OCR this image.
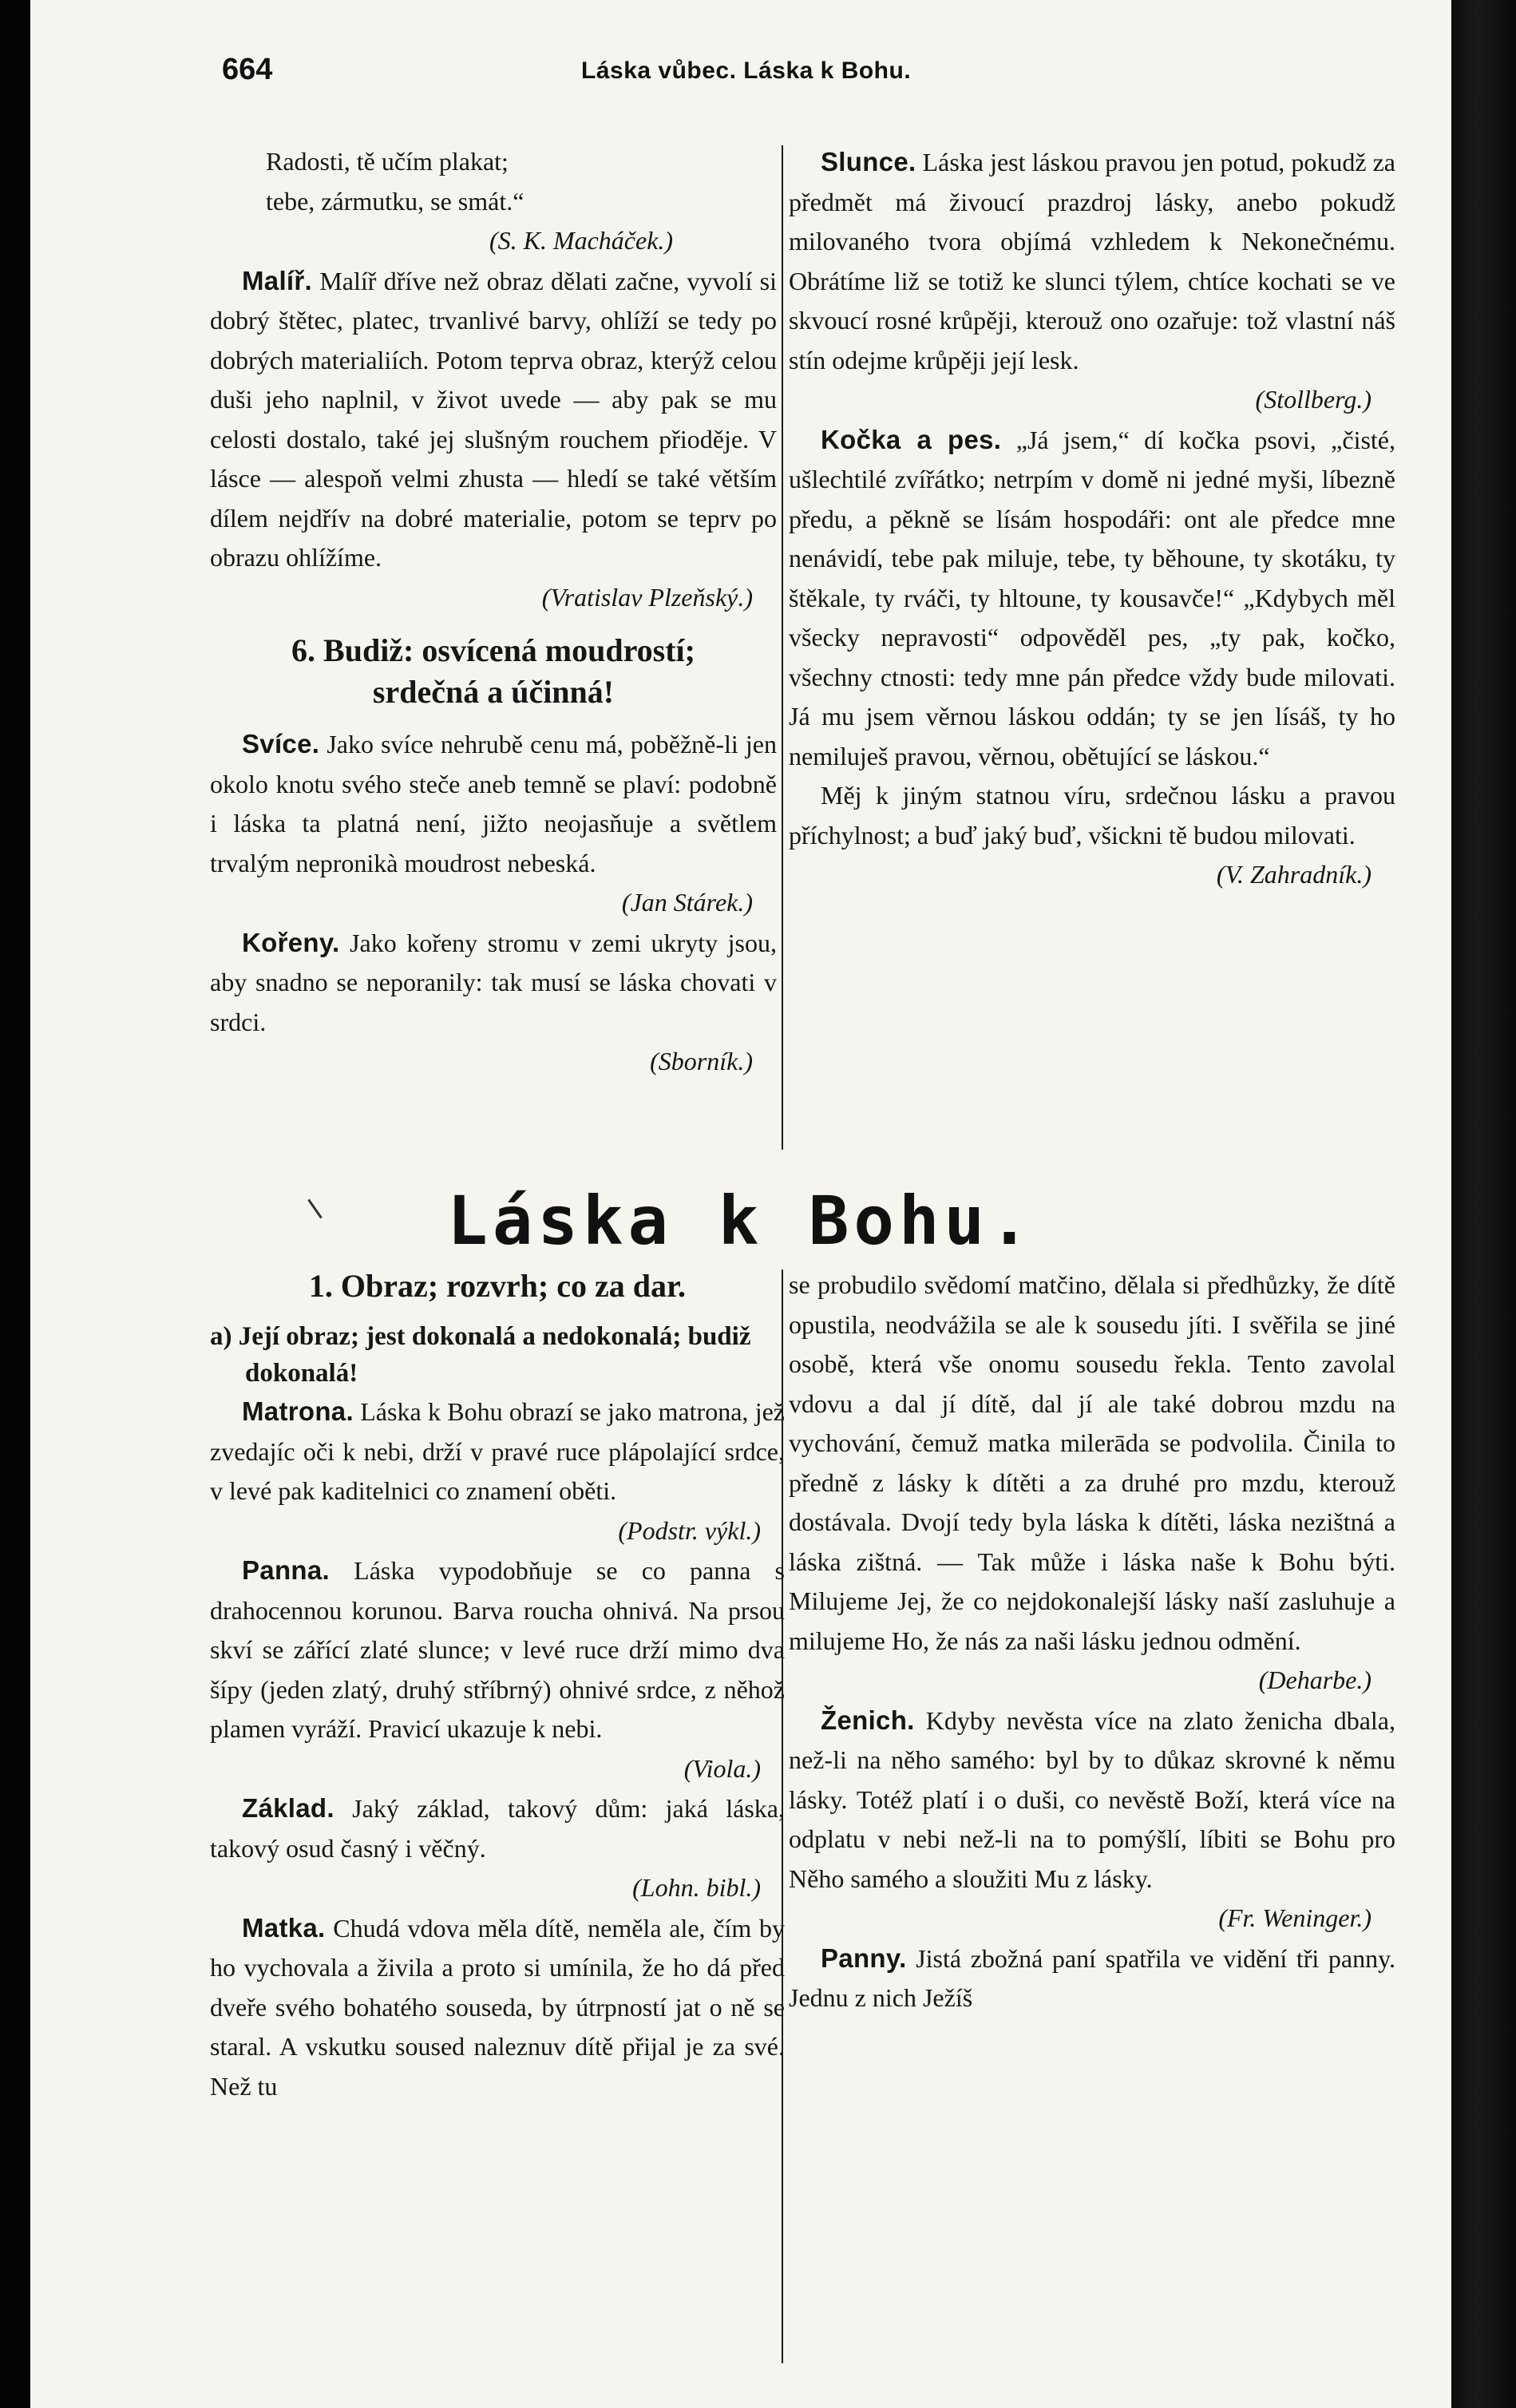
664	Láska vůbec. Láska k Bohu.

Radosti, tě učím plakat;

tebe, zármutku, se smát.“

(S. K. Macháček.)

Malíř. Malíř dříve než obraz dělati začne, vyvolí si dobrý štětec, platec, trvanlivé barvy, ohlíží se tedy po dobrých materialiích. Potom teprva obraz, kterýž celou duši jeho naplnil, v život uvede — aby pak se mu celosti dostalo, také jej slušným rouchem přioděje. V lásce — alespoň velmi zhusta — hledí se také větším dílem nejdřív na dobré materialie, potom se teprv po obrazu ohlížíme.

(Vratislav Plzeňský.)

6. Budiž: osvícená moudrostí;
srdečná a účinná!

Svíce. Jako svíce nehrubě cenu má, poběžně-li jen okolo knotu svého steče aneb temně se plaví: podobně i láska ta platná není, jižto neojasňuje a světlem trvalým nepronikà moudrost nebeská.

(Jan Stárek.)

Kořeny. Jako kořeny stromu v zemi ukryty jsou, aby snadno se neporanily: tak musí se láska chovati v srdci.

(Sborník.)

Slunce. Láska jest láskou pravou jen potud, pokudž za předmět má živoucí prazdroj lásky, anebo pokudž milovaného tvora objímá vzhledem k Nekonečnému. Obrátíme liž se totiž ke slunci týlem, chtíce kochati se ve skvoucí rosné krůpěji, kterouž ono ozařuje: tož vlastní náš stín odejme krůpěji její lesk.

(Stollberg.)

Kočka a pes. „Já jsem,“ dí kočka psovi, „čisté, ušlechtilé zvířátko; netrpím v domě ni jedné myši, líbezně předu, a pěkně se lísám hospodáři: ont ale předce mne nenávidí, tebe pak miluje, tebe, ty běhoune, ty skotáku, ty štěkale, ty rváči, ty hltoune, ty kousavče!“ „Kdybych měl všecky nepravosti“ odpověděl pes, „ty pak, kočko, všechny ctnosti: tedy mne pán předce vždy bude milovati. Já mu jsem věrnou láskou oddán; ty se jen lísáš, ty ho nemiluješ pravou, věrnou, obětující se láskou.“

Měj k jiným statnou víru, srdečnou lásku a pravou příchylnost; a buď jaký buď, všickni tě budou milovati.

(V. Zahradník.)

Láska k Bohu.
1. Obraz; rozvrh; co za dar.

a) Její obraz; jest dokonalá a nedokonalá; budiž dokonalá!

Matrona. Láska k Bohu obrazí se jako matrona, jež zvedajíc oči k nebi, drží v pravé ruce plápolající srdce, v levé pak kaditelnici co znamení oběti.

(Podstr. výkl.)

Panna. Láska vypodobňuje se co panna s drahocennou korunou. Barva roucha ohnivá. Na prsou skví se zářící zlaté slunce; v levé ruce drží mimo dva šípy (jeden zlatý, druhý stříbrný) ohnivé srdce, z něhož plamen vyráží. Pravicí ukazuje k nebi.

(Viola.)

Základ. Jaký základ, takový dům: jaká láska, takový osud časný i věčný.

(Lohn. bibl.)

Matka. Chudá vdova měla dítě, neměla ale, čím by ho vychovala a živila a proto si umínila, že ho dá před dveře svého bohatého souseda, by útrpností jat o ně se staral. A vskutku soused naleznuv dítě přijal je za své. Než tu

se probudilo svědomí matčino, dělala si předhůzky, že dítě opustila, neodvážila se ale k sousedu jíti. I svěřila se jiné osobě, která vše onomu sousedu řekla. Tento zavolal vdovu a dal jí dítě, dal jí ale také dobrou mzdu na vychování, čemuž matka milerāda se podvolila. Činila to předně z lásky k dítěti a za druhé pro mzdu, kterouž dostávala. Dvojí tedy byla láska k dítěti, láska nezištná a láska zištná. — Tak může i láska naše k Bohu býti. Milujeme Jej, že co nejdokonalejší lásky naší zasluhuje a milujeme Ho, že nás za naši lásku jednou odmění.

(Deharbe.)

Ženich. Kdyby nevěsta více na zlato ženicha dbala, než-li na něho samého: byl by to důkaz skrovné k němu lásky. Totéž platí i o duši, co nevěstě Boží, která více na odplatu v nebi než-li na to pomýšlí, líbiti se Bohu pro Něho samého a sloužiti Mu z lásky.

(Fr. Weninger.)

Panny. Jistá zbožná paní spatřila ve vidění tři panny. Jednu z nich Ježíš
